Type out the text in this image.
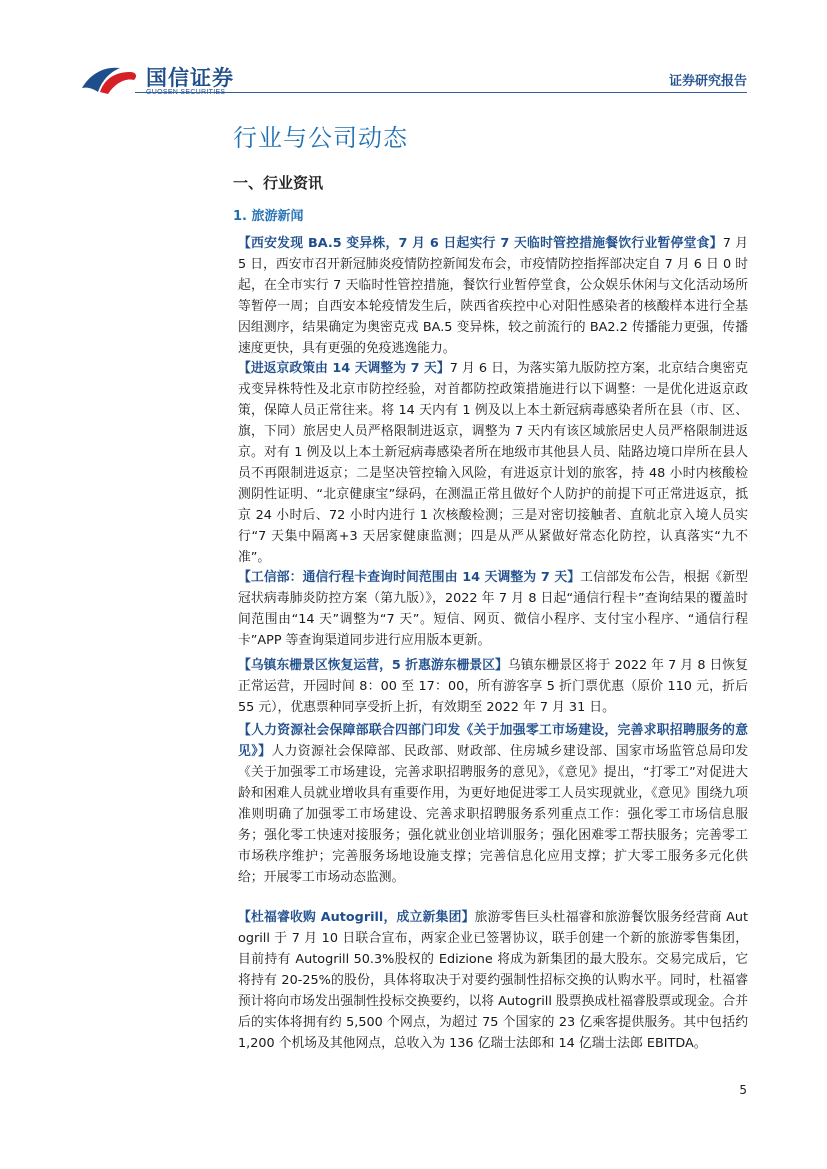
国信证券
GUOSEN SECURITIES
证券研究报告
行业与公司动态
一、行业资讯
1. 旅游新闻

【西安发现 BA.5 变异株，7 月 6 日起实行 7 天临时管控措施餐饮行业暂停堂食】7 月 5 日，西安市召开新冠肺炎疫情防控新闻发布会，市疫情防控指挥部决定自 7 月 6 日 0 时起，在全市实行 7 天临时性管控措施，餐饮行业暂停堂食，公众娱乐休闲与文化活动场所等暂停一周；自西安本轮疫情发生后，陕西省疾控中心对阳性感染者的核酸样本进行全基因组测序，结果确定为奥密克戎 BA.5 变异株，较之前流行的 BA2.2 传播能力更强，传播速度更快，具有更强的免疫逃逸能力。

【进返京政策由 14 天调整为 7 天】7 月 6 日，为落实第九版防控方案，北京结合奥密克戎变异株特性及北京市防控经验，对首都防控政策措施进行以下调整：一是优化进返京政策，保障人员正常往来。将 14 天内有 1 例及以上本土新冠病毒感染者所在县（市、区、旗，下同）旅居史人员严格限制进返京，调整为 7 天内有该区域旅居史人员严格限制进返京。对有 1 例及以上本土新冠病毒感染者所在地级市其他县人员、陆路边境口岸所在县人员不再限制进返京；二是坚决管控输入风险，有进返京计划的旅客，持 48 小时内核酸检测阴性证明、“北京健康宝”绿码，在测温正常且做好个人防护的前提下可正常进返京，抵京 24 小时后、72 小时内进行 1 次核酸检测；三是对密切接触者、直航北京入境人员实行“7 天集中隔离+3 天居家健康监测；四是从严从紧做好常态化防控，认真落实“九不准”。

【工信部：通信行程卡查询时间范围由 14 天调整为 7 天】工信部发布公告，根据《新型冠状病毒肺炎防控方案（第九版）》，2022 年 7 月 8 日起“通信行程卡”查询结果的覆盖时间范围由“14 天”调整为“7 天”。短信、网页、微信小程序、支付宝小程序、“通信行程卡”APP 等查询渠道同步进行应用版本更新。

【乌镇东栅景区恢复运营，5 折惠游东栅景区】乌镇东栅景区将于 2022 年 7 月 8 日恢复正常运营，开园时间 8：00 至 17：00，所有游客享 5 折门票优惠（原价 110 元，折后 55 元），优惠票种同享受折上折，有效期至 2022 年 7 月 31 日。

【人力资源社会保障部联合四部门印发《关于加强零工市场建设，完善求职招聘服务的意见》】人力资源社会保障部、民政部、财政部、住房城乡建设部、国家市场监管总局印发《关于加强零工市场建设，完善求职招聘服务的意见》，《意见》提出，“打零工”对促进大龄和困难人员就业增收具有重要作用，为更好地促进零工人员实现就业，《意见》围绕九项准则明确了加强零工市场建设、完善求职招聘服务系列重点工作：强化零工市场信息服务；强化零工快速对接服务；强化就业创业培训服务；强化困难零工帮扶服务；完善零工市场秩序维护；完善服务场地设施支撑；完善信息化应用支撑；扩大零工服务多元化供给；开展零工市场动态监测。

【杜福睿收购 Autogrill，成立新集团】旅游零售巨头杜福睿和旅游餐饮服务经营商 Autogrill 于 7 月 10 日联合宣布，两家企业已签署协议，联手创建一个新的旅游零售集团，目前持有 Autogrill 50.3%股权的 Edizione 将成为新集团的最大股东。交易完成后，它将持有 20-25%的股份，具体将取决于对要约强制性招标交换的认购水平。同时，杜福睿预计将向市场发出强制性投标交换要约，以将 Autogrill 股票换成杜福睿股票或现金。合并后的实体将拥有约 5,500 个网点，为超过 75 个国家的 23 亿乘客提供服务。其中包括约 1,200 个机场及其他网点，总收入为 136 亿瑞士法郎和 14 亿瑞士法郎 EBITDA。

5
